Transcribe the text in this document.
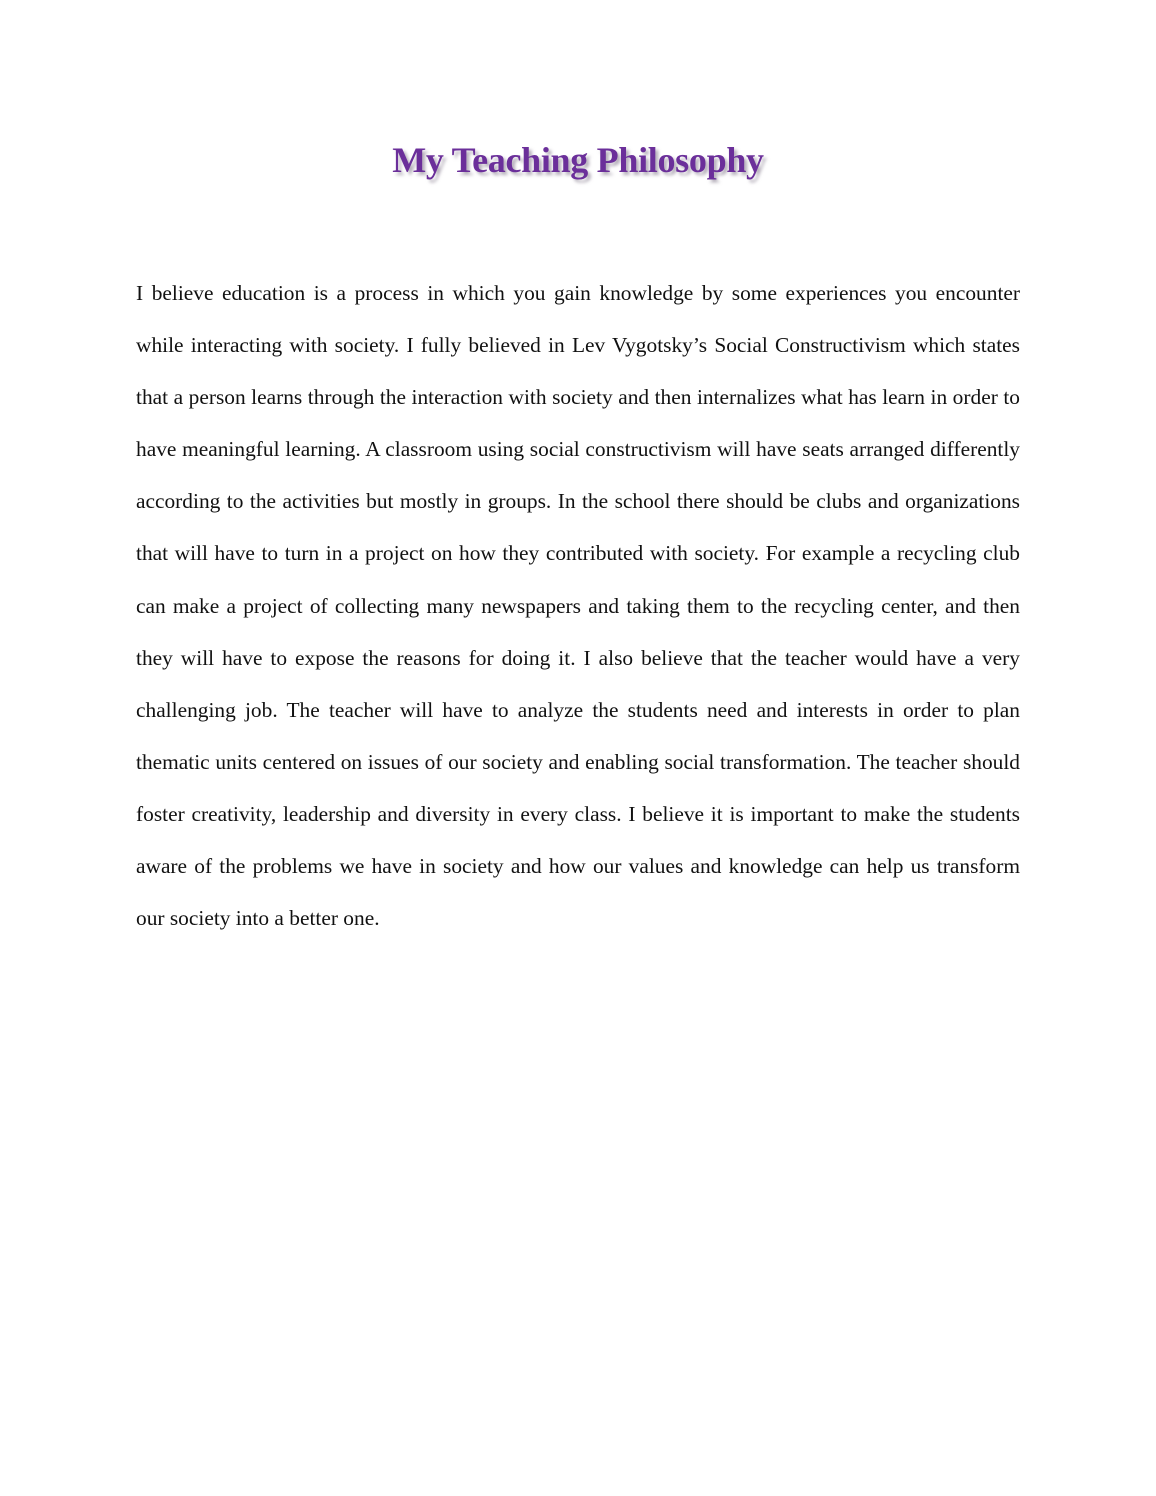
My Teaching Philosophy

I believe education is a process in which you gain knowledge by some experiences you encounter while interacting with society. I fully believed in Lev Vygotsky’s Social Constructivism which states that a person learns through the interaction with society and then internalizes what has learn in order to have meaningful learning. A classroom using social constructivism will have seats arranged differently according to the activities but mostly in groups. In the school there should be clubs and organizations that will have to turn in a project on how they contributed with society. For example a recycling club can make a project of collecting many newspapers and taking them to the recycling center, and then they will have to expose the reasons for doing it. I also believe that the teacher would have a very challenging job. The teacher will have to analyze the students need and interests in order to plan thematic units centered on issues of our society and enabling social transformation. The teacher should foster creativity, leadership and diversity in every class. I believe it is important to make the students aware of the problems we have in society and how our values and knowledge can help us transform our society into a better one.
